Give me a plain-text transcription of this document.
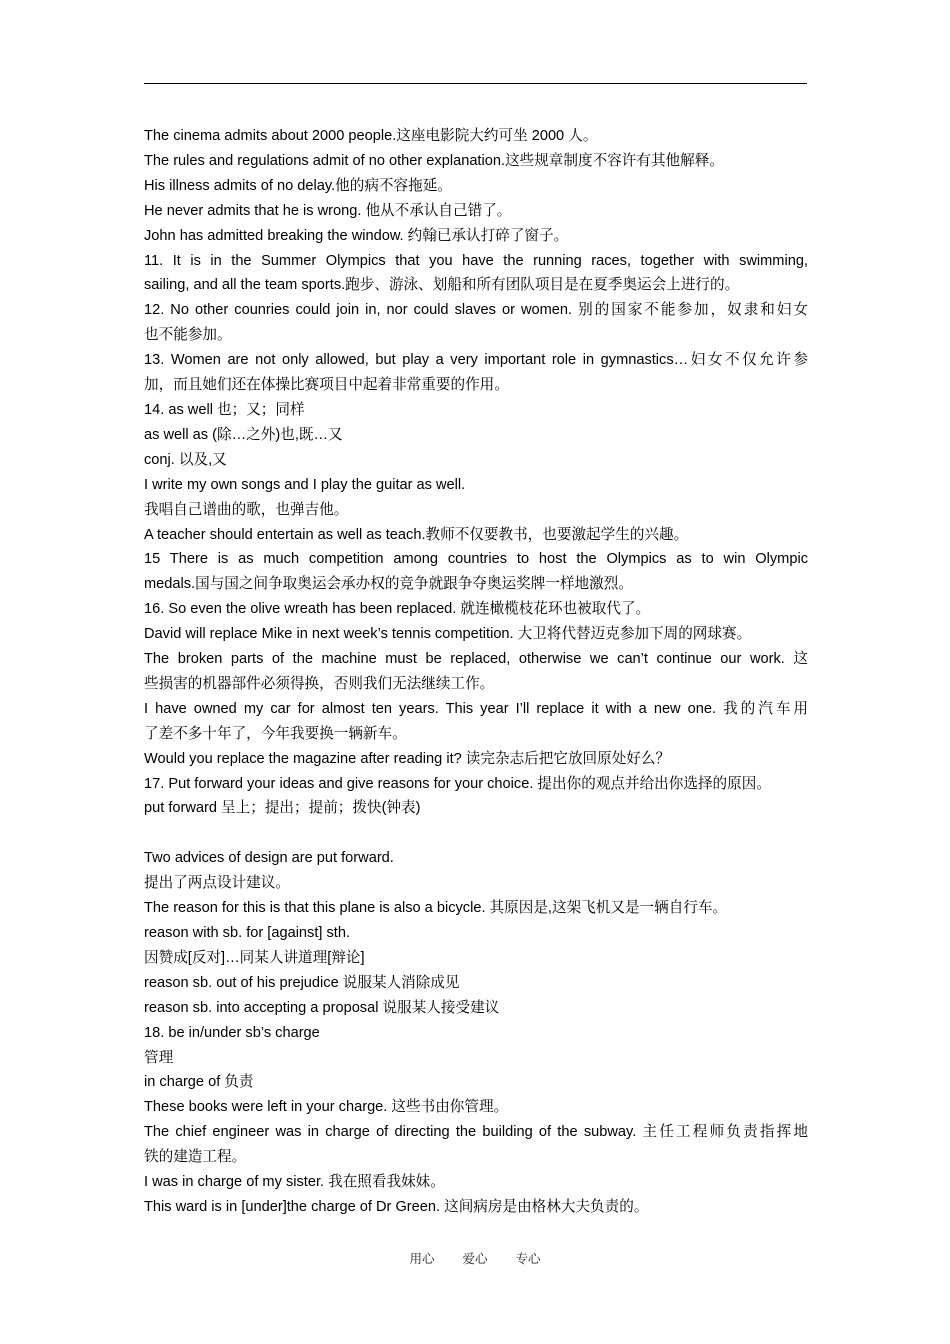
The cinema admits about 2000 people.这座电影院大约可坐 2000 人。
The rules and regulations admit of no other explanation.这些规章制度不容许有其他解释。
His illness admits of no delay.他的病不容拖延。
He never admits that he is wrong. 他从不承认自己错了。
John has admitted breaking the window. 约翰已承认打碎了窗子。
11. It is in the Summer Olympics that you have the running races, together with swimming,
sailing, and all the team sports.跑步、游泳、划船和所有团队项目是在夏季奥运会上进行的。
12. No other counries could join in, nor could slaves or women. 别的国家不能参加，奴隶和妇女
也不能参加。
13. Women are not only allowed, but play a very important role in gymnastics…妇女不仅允许参
加，而且她们还在体操比赛项目中起着非常重要的作用。
14. as well 也；又；同样
as well as (除…之外)也,既…又
conj. 以及,又
I write my own songs and I play the guitar as well.
我唱自己谱曲的歌，也弹吉他。
A teacher should entertain as well as teach.教师不仅要教书，也要激起学生的兴趣。
15 There is as much competition among countries to host the Olympics as to win Olympic
medals.国与国之间争取奥运会承办权的竞争就跟争夺奥运奖牌一样地激烈。
16. So even the olive wreath has been replaced. 就连橄榄枝花环也被取代了。
David will replace Mike in next week’s tennis competition. 大卫将代替迈克参加下周的网球赛。
The broken parts of the machine must be replaced, otherwise we can’t continue our work. 这
些损害的机器部件必须得换，否则我们无法继续工作。
I have owned my car for almost ten years. This year I’ll replace it with a new one. 我的汽车用
了差不多十年了，今年我要换一辆新车。
Would you replace the magazine after reading it? 读完杂志后把它放回原处好么？
17. Put forward your ideas and give reasons for your choice. 提出你的观点并给出你选择的原因。
put forward 呈上；提出；提前；拨快(钟表)
Two advices of design are put forward.
提出了两点设计建议。
The reason for this is that this plane is also a bicycle. 其原因是,这架飞机又是一辆自行车。
reason with sb. for [against] sth.
因赞成[反对]…同某人讲道理[辩论]
reason sb. out of his prejudice 说服某人消除成见
reason sb. into accepting a proposal 说服某人接受建议
18. be in/under sb’s charge
管理
in charge of 负责
These books were left in your charge. 这些书由你管理。
The chief engineer was in charge of directing the building of the subway. 主任工程师负责指挥地
铁的建造工程。
I was in charge of my sister. 我在照看我妹妹。
This ward is in [under]the charge of Dr Green. 这间病房是由格林大夫负责的。
用心 爱心 专心
